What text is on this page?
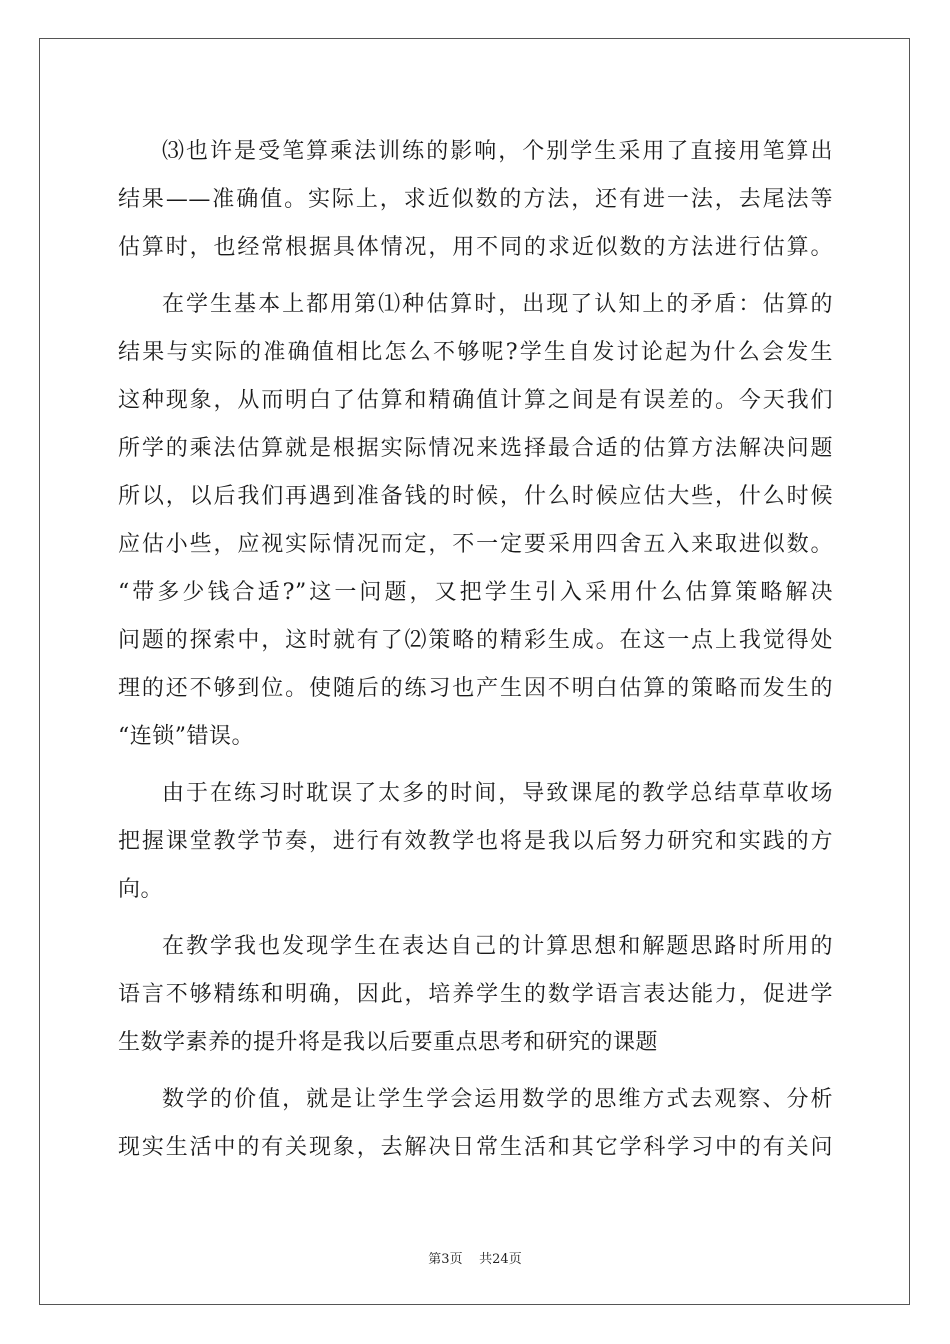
⑶也许是受笔算乘法训练的影响，个别学生采用了直接用笔算出
结果——准确值。实际上，求近似数的方法，还有进一法，去尾法等
估算时，也经常根据具体情况，用不同的求近似数的方法进行估算。
在学生基本上都用第⑴种估算时，出现了认知上的矛盾：估算的
结果与实际的准确值相比怎么不够呢?学生自发讨论起为什么会发生
这种现象，从而明白了估算和精确值计算之间是有误差的。今天我们
所学的乘法估算就是根据实际情况来选择最合适的估算方法解决问题
所以，以后我们再遇到准备钱的时候，什么时候应估大些，什么时候
应估小些，应视实际情况而定，不一定要采用四舍五入来取进似数。
“带多少钱合适?”这一问题，又把学生引入采用什么估算策略解决
问题的探索中，这时就有了⑵策略的精彩生成。在这一点上我觉得处
理的还不够到位。使随后的练习也产生因不明白估算的策略而发生的
“连锁”错误。
由于在练习时耽误了太多的时间，导致课尾的教学总结草草收场
把握课堂教学节奏，进行有效教学也将是我以后努力研究和实践的方
向。
在教学我也发现学生在表达自己的计算思想和解题思路时所用的
语言不够精练和明确，因此，培养学生的数学语言表达能力，促进学
生数学素养的提升将是我以后要重点思考和研究的课题
数学的价值，就是让学生学会运用数学的思维方式去观察、分析
现实生活中的有关现象，去解决日常生活和其它学科学习中的有关问
第3页 共24页
